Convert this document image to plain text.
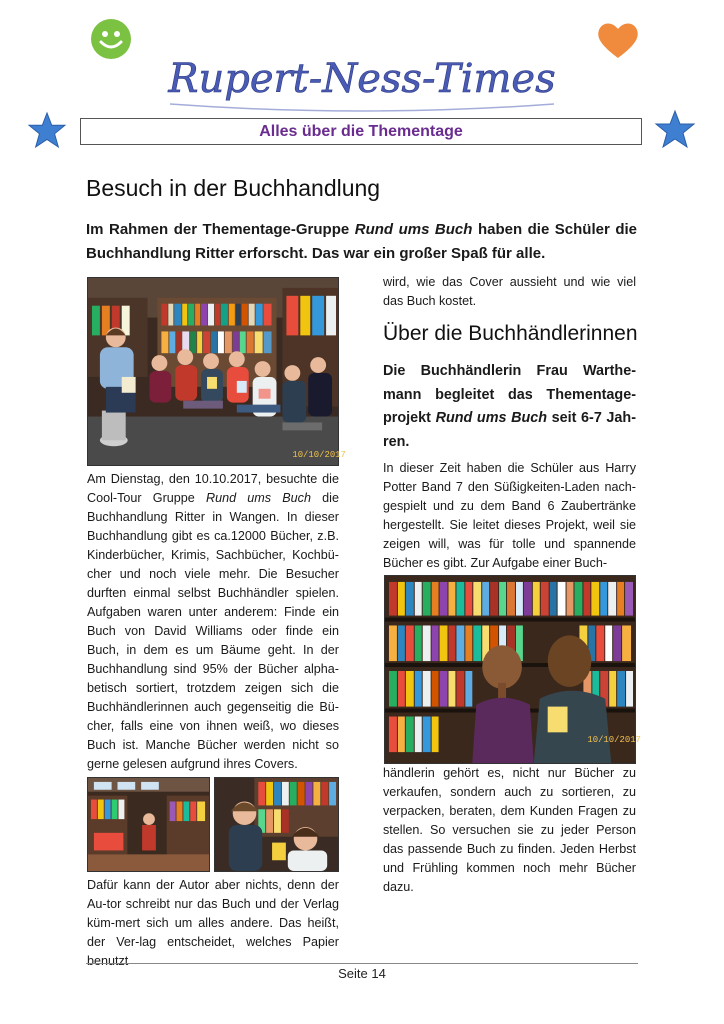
Rupert-Ness-Times
Alles über die Thementage
Besuch in der Buchhandlung

Im Rahmen der Thementage-Gruppe Rund ums Buch haben die Schüler die Buchhandlung Ritter erforscht. Das war ein großer Spaß für alle.

10/10/2017

Am Dienstag, den 10.10.2017, besuchte die Cool-Tour Gruppe Rund ums Buch die Buchhandlung Ritter in Wangen. In dieser Buchhandlung gibt es ca.12000 Bücher, z.B. Kinderbücher, Krimis, Sachbücher, Kochbü-cher und noch viele mehr. Die Besucher durften einmal selbst Buchhändler spielen. Aufgaben waren unter anderem: Finde ein Buch von David Williams oder finde ein Buch, in dem es um Bäume geht. In der Buchhandlung sind 95% der Bücher alpha-betisch sortiert, trotzdem zeigen sich die Buchhändlerinnen auch gegenseitig die Bü-cher, falls eine von ihnen weiß, wo dieses Buch ist. Manche Bücher werden nicht so gerne gelesen aufgrund ihres Covers.

Dafür kann der Autor aber nichts, denn der Au-tor schreibt nur das Buch und der Verlag küm-mert sich um alles andere. Das heißt, der Ver-lag entscheidet, welches Papier benutzt

wird, wie das Cover aussieht und wie viel das Buch kostet.

Über die Buchhändlerinnen

Die Buchhändlerin Frau Warthe-mann begleitet das Thementage-projekt Rund ums Buch seit 6-7 Jah-ren.

In dieser Zeit haben die Schüler aus Harry Potter Band 7 den Süßigkeiten-Laden nach-gespielt und zu dem Band 6 Zaubertränke hergestellt. Sie leitet dieses Projekt, weil sie zeigen will, was für tolle und spannende Bücher es gibt. Zur Aufgabe einer Buch-

10/10/2017

händlerin gehört es, nicht nur Bücher zu verkaufen, sondern auch zu sortieren, zu verpacken, beraten, dem Kunden Fragen zu stellen. So versuchen sie zu jeder Person das passende Buch zu finden. Jeden Herbst und Frühling kommen noch mehr Bücher dazu.

Seite 14
